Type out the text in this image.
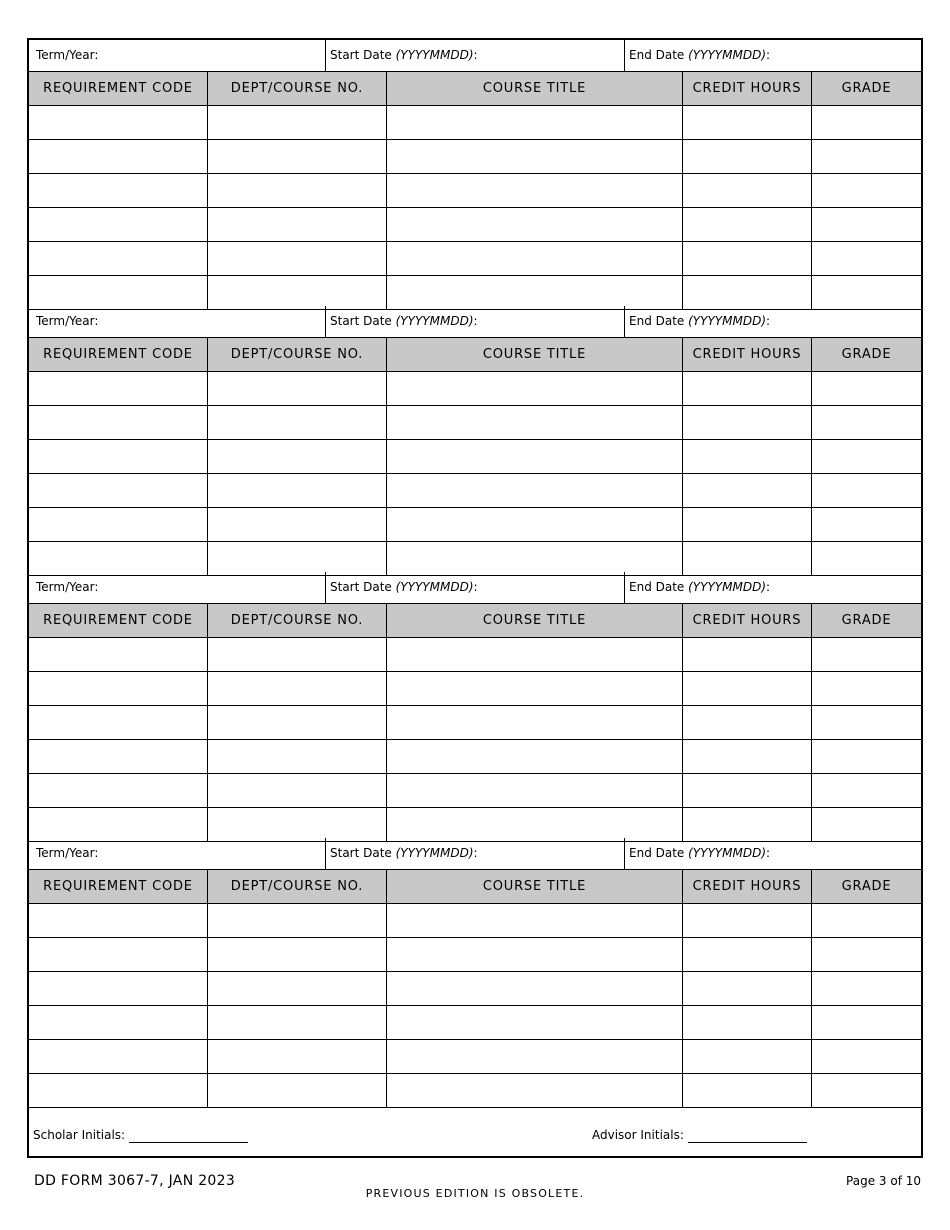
Term/Year:	Start Date (YYYYMMDD):	End Date (YYYYMMDD):
REQUIREMENT CODE	DEPT/COURSE NO.	COURSE TITLE	CREDIT HOURS	GRADE
Term/Year:	Start Date (YYYYMMDD):	End Date (YYYYMMDD):
REQUIREMENT CODE	DEPT/COURSE NO.	COURSE TITLE	CREDIT HOURS	GRADE
Term/Year:	Start Date (YYYYMMDD):	End Date (YYYYMMDD):
REQUIREMENT CODE	DEPT/COURSE NO.	COURSE TITLE	CREDIT HOURS	GRADE
Term/Year:	Start Date (YYYYMMDD):	End Date (YYYYMMDD):
REQUIREMENT CODE	DEPT/COURSE NO.	COURSE TITLE	CREDIT HOURS	GRADE
Scholar Initials:	Advisor Initials:
DD FORM 3067-7, JAN 2023
PREVIOUS EDITION IS OBSOLETE.
Page 3 of 10
